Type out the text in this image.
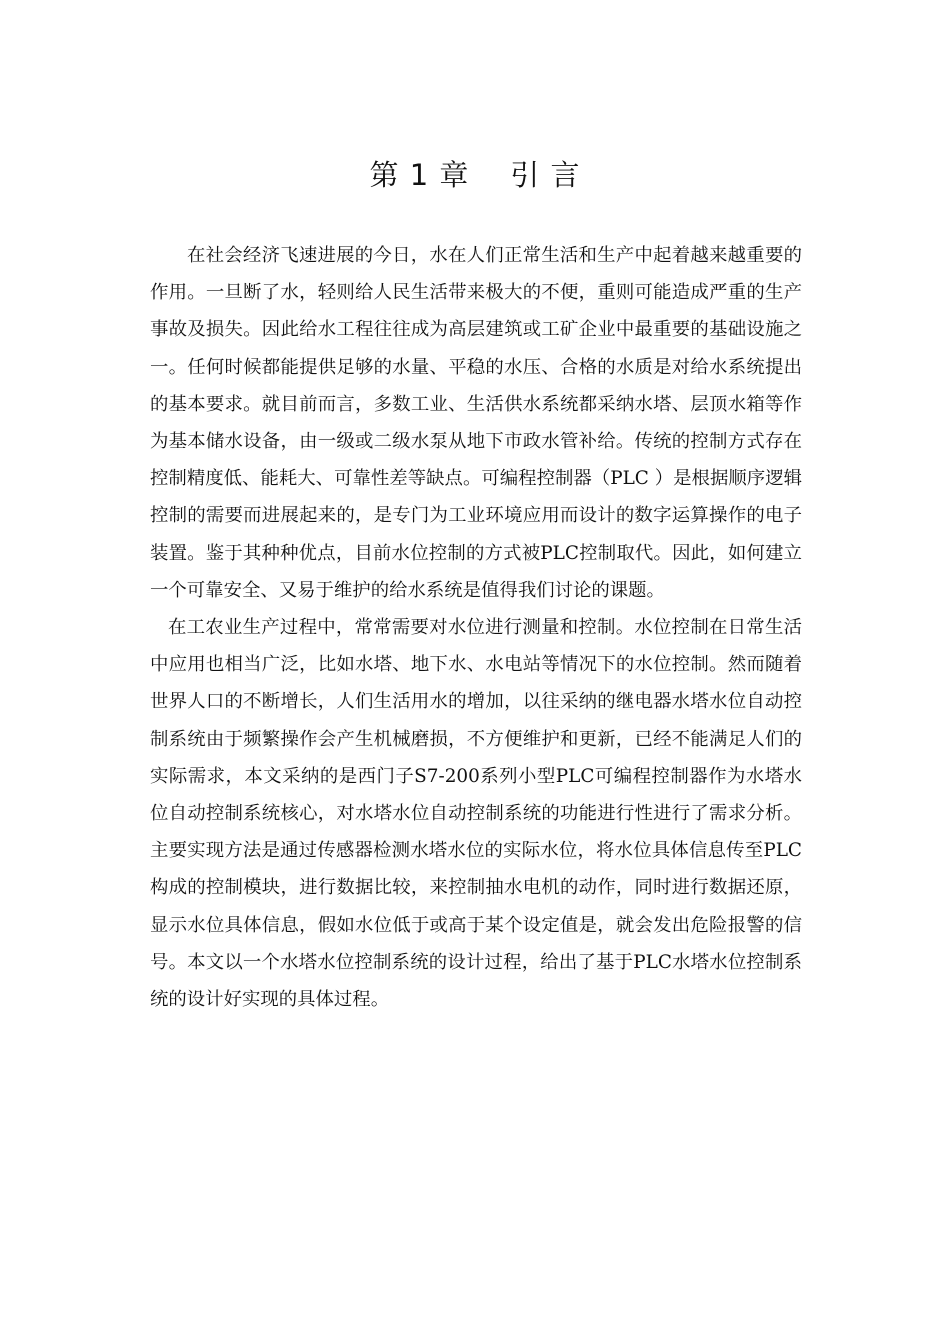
第 1 章    引 言

在社会经济飞速进展的今日，水在人们正常生活和生产中起着越来越重要的作用。一旦断了水，轻则给人民生活带来极大的不便，重则可能造成严重的生产事故及损失。因此给水工程往往成为高层建筑或工矿企业中最重要的基础设施之一。任何时候都能提供足够的水量、平稳的水压、合格的水质是对给水系统提出的基本要求。就目前而言，多数工业、生活供水系统都采纳水塔、层顶水箱等作为基本储水设备，由一级或二级水泵从地下市政水管补给。传统的控制方式存在控制精度低、能耗大、可靠性差等缺点。可编程控制器（PLC ）是根据顺序逻辑控制的需要而进展起来的，是专门为工业环境应用而设计的数字运算操作的电子装置。鉴于其种种优点，目前水位控制的方式被PLC控制取代。因此，如何建立一个可靠安全、又易于维护的给水系统是值得我们讨论的课题。

在工农业生产过程中，常常需要对水位进行测量和控制。水位控制在日常生活中应用也相当广泛，比如水塔、地下水、水电站等情况下的水位控制。然而随着世界人口的不断增长，人们生活用水的增加，以往采纳的继电器水塔水位自动控制系统由于频繁操作会产生机械磨损，不方便维护和更新，已经不能满足人们的实际需求，本文采纳的是西门子S7-200系列小型PLC可编程控制器作为水塔水位自动控制系统核心，对水塔水位自动控制系统的功能进行性进行了需求分析。主要实现方法是通过传感器检测水塔水位的实际水位，将水位具体信息传至PLC构成的控制模块，进行数据比较，来控制抽水电机的动作，同时进行数据还原，显示水位具体信息，假如水位低于或高于某个设定值是，就会发出危险报警的信号。本文以一个水塔水位控制系统的设计过程，给出了基于PLC水塔水位控制系统的设计好实现的具体过程。
